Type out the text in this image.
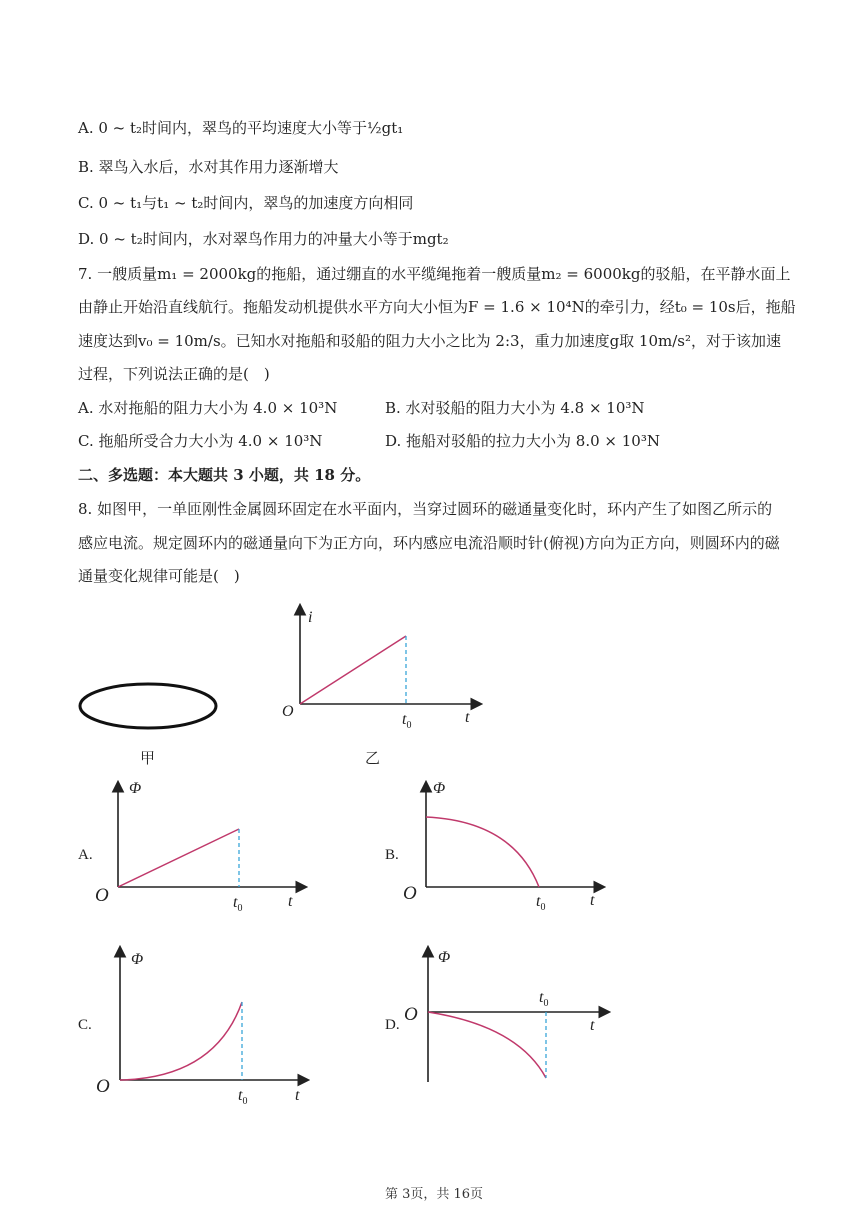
A. 0 ~ t₂时间内，翠鸟的平均速度大小等于½gt₁
B. 翠鸟入水后，水对其作用力逐渐增大
C. 0 ~ t₁与t₁ ~ t₂时间内，翠鸟的加速度方向相同
D. 0 ~ t₂时间内，水对翠鸟作用力的冲量大小等于mgt₂
7. 一艘质量m₁ = 2000kg的拖船，通过绷直的水平缆绳拖着一艘质量m₂ = 6000kg的驳船，在平静水面上
由静止开始沿直线航行。拖船发动机提供水平方向大小恒为F = 1.6 × 10⁴N的牵引力，经t₀ = 10s后，拖船
速度达到v₀ = 10m/s。已知水对拖船和驳船的阻力大小之比为 2:3，重力加速度g取 10m/s²，对于该加速
过程，下列说法正确的是(　)
A. 水对拖船的阻力大小为 4.0 × 10³N	B. 水对驳船的阻力大小为 4.8 × 10³N
C. 拖船所受合力大小为 4.0 × 10³N	D. 拖船对驳船的拉力大小为 8.0 × 10³N
二、多选题：本大题共 3 小题，共 18 分。
8. 如图甲，一单匝刚性金属圆环固定在水平面内，当穿过圆环的磁通量变化时，环内产生了如图乙所示的
感应电流。规定圆环内的磁通量向下为正方向，环内感应电流沿顺时针(俯视)方向为正方向，则圆环内的磁
通量变化规律可能是(　)
甲
i
O	$t_0$	t
乙
A.
Φ
O	$t_0$	t
B.
Φ
O	$t_0$	t
C.
Φ
O	$t_0$	t
D.
Φ
O
$t_0$
t
第 3页，共 16页
